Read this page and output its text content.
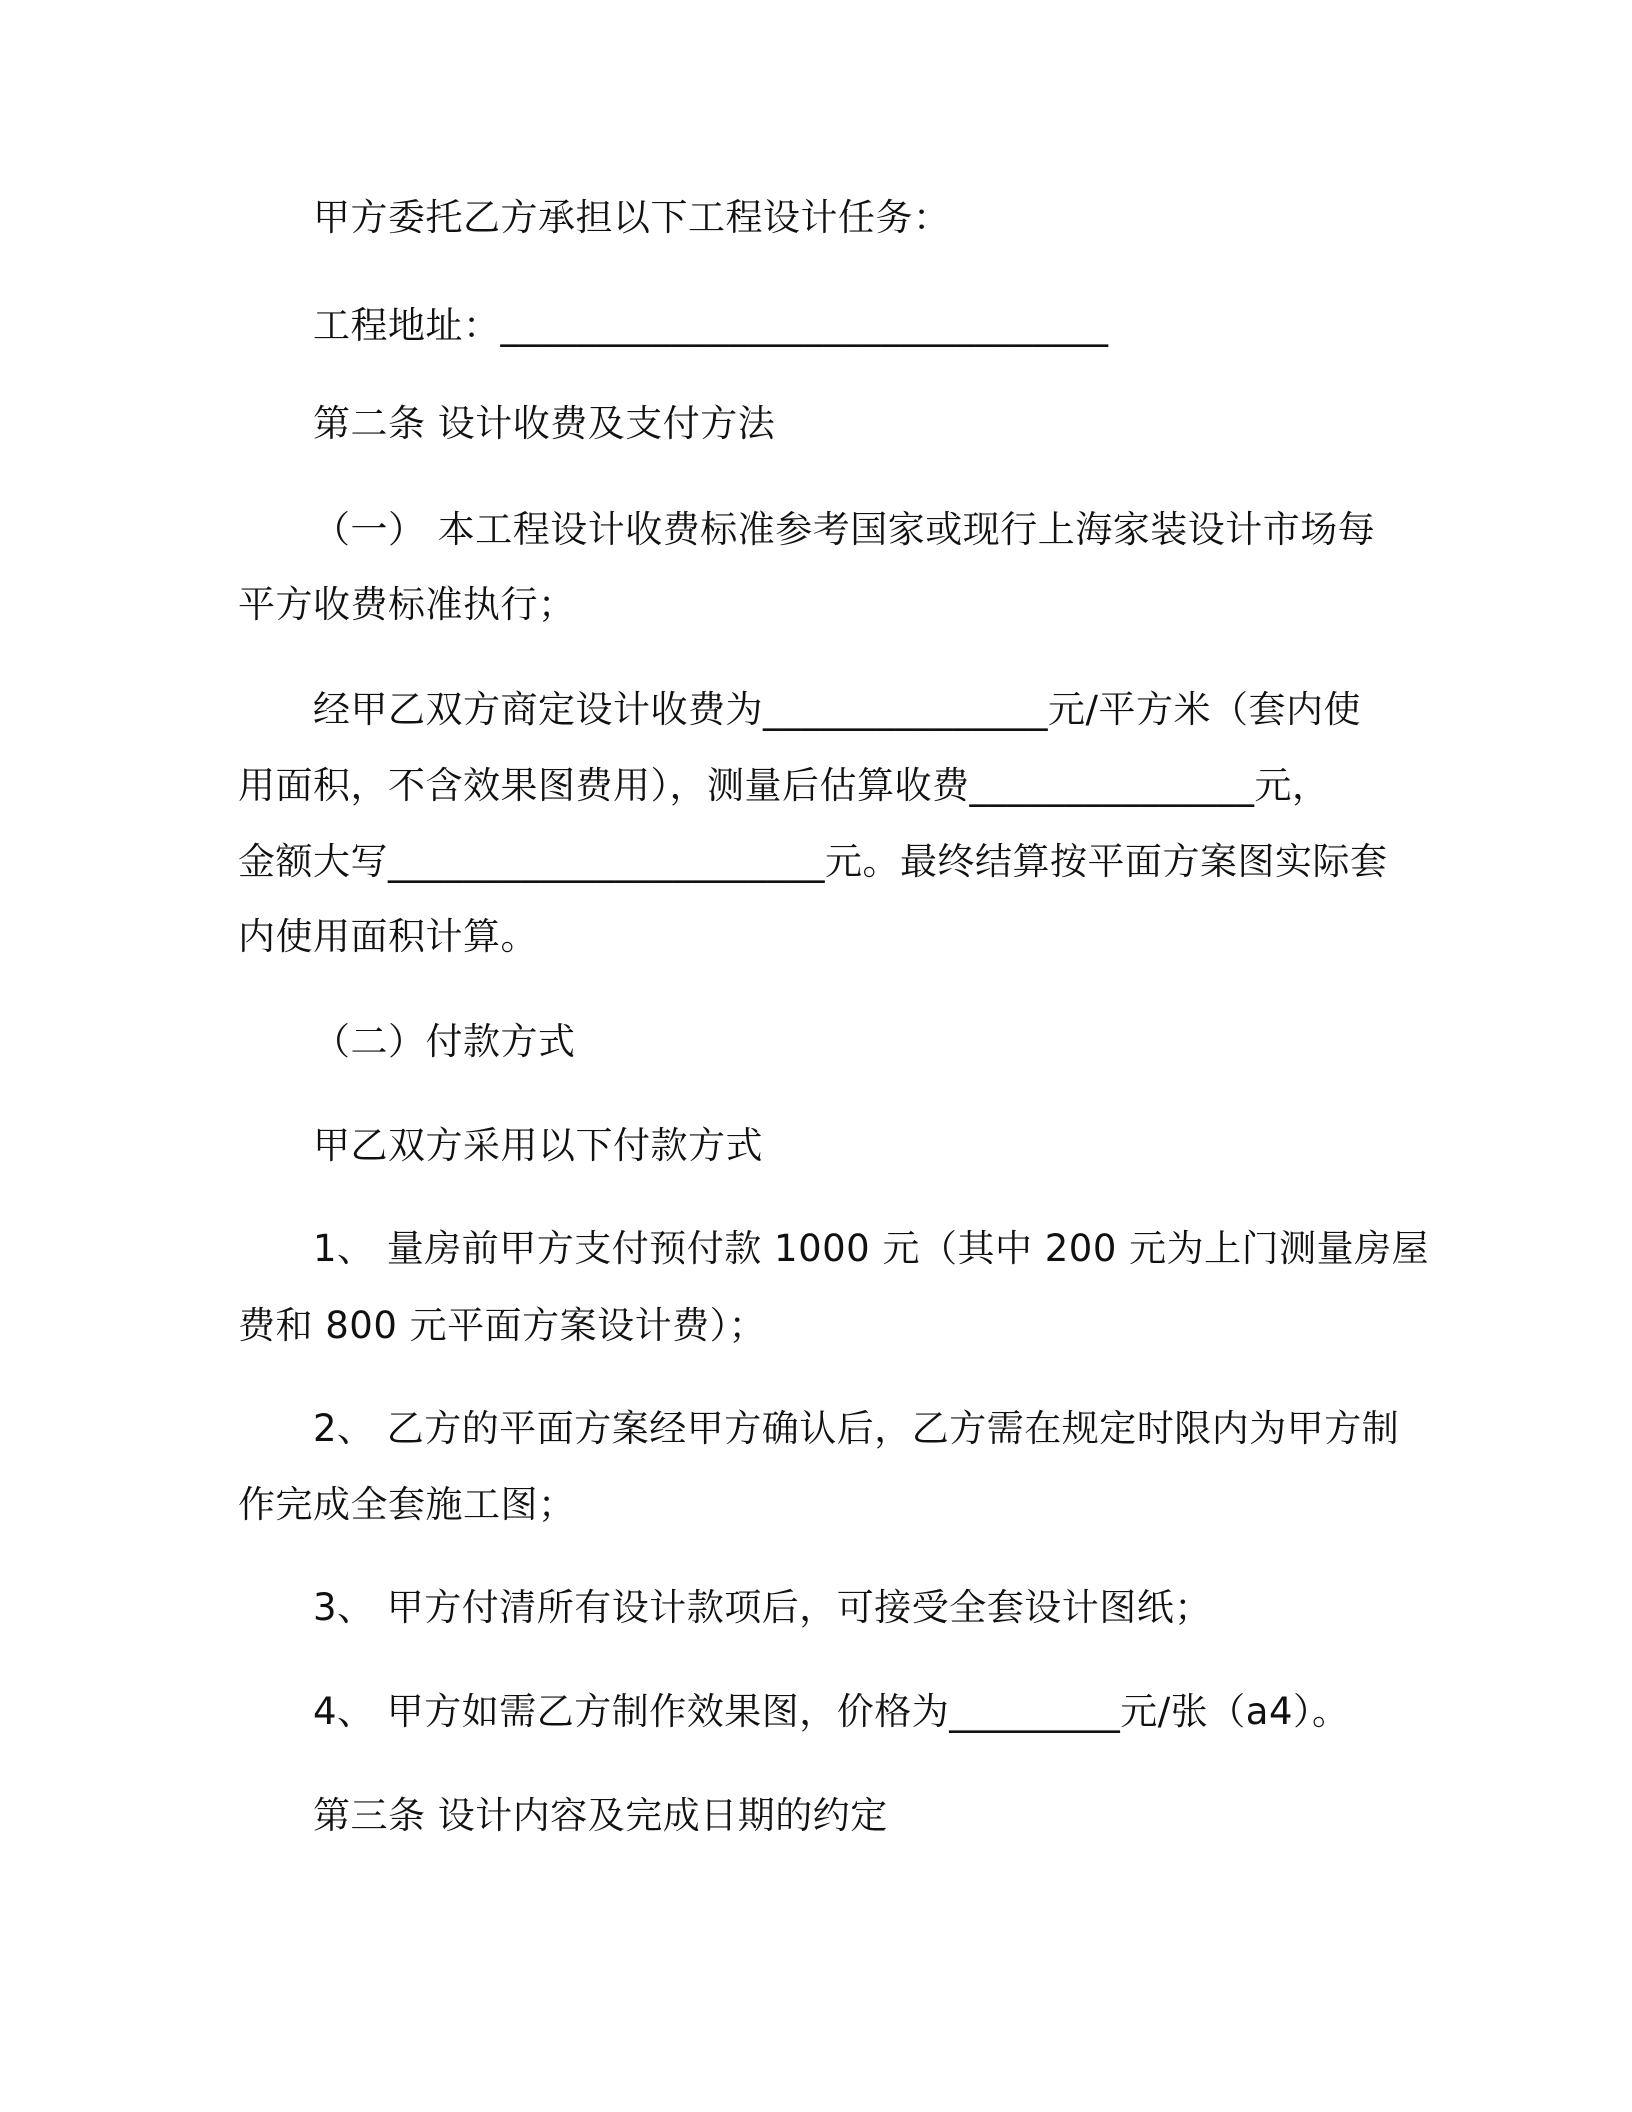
甲方委托乙方承担以下工程设计任务：
工程地址：________________________________
第二条 设计收费及支付方法
（一） 本工程设计收费标准参考国家或现行上海家装设计市场每
平方收费标准执行；
经甲乙双方商定设计收费为_______________元/平方米（套内使
用面积，不含效果图费用），测量后估算收费_______________元，
金额大写_______________________元。最终结算按平面方案图实际套
内使用面积计算。
（二）付款方式
甲乙双方采用以下付款方式
1、 量房前甲方支付预付款 1000 元（其中 200 元为上门测量房屋
费和 800 元平面方案设计费）；
2、 乙方的平面方案经甲方确认后，乙方需在规定时限内为甲方制
作完成全套施工图；
3、 甲方付清所有设计款项后，可接受全套设计图纸；
4、 甲方如需乙方制作效果图，价格为_________元/张（a4）。
第三条 设计内容及完成日期的约定
